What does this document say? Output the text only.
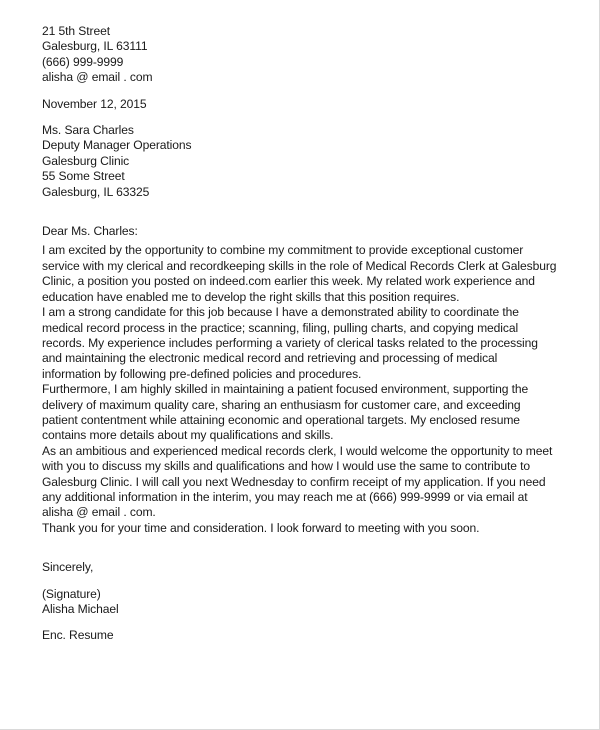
21 5th Street
Galesburg, IL 63111
(666) 999-9999
alisha @ email . com
November 12, 2015
Ms. Sara Charles
Deputy Manager Operations
Galesburg Clinic
55 Some Street
Galesburg, IL 63325
Dear Ms. Charles:
I am excited by the opportunity to combine my commitment to provide exceptional customer
service with my clerical and recordkeeping skills in the role of Medical Records Clerk at Galesburg
Clinic, a position you posted on indeed.com earlier this week. My related work experience and
education have enabled me to develop the right skills that this position requires.
I am a strong candidate for this job because I have a demonstrated ability to coordinate the
medical record process in the practice; scanning, filing, pulling charts, and copying medical
records. My experience includes performing a variety of clerical tasks related to the processing
and maintaining the electronic medical record and retrieving and processing of medical
information by following pre-defined policies and procedures.
Furthermore, I am highly skilled in maintaining a patient focused environment, supporting the
delivery of maximum quality care, sharing an enthusiasm for customer care, and exceeding
patient contentment while attaining economic and operational targets. My enclosed resume
contains more details about my qualifications and skills.
As an ambitious and experienced medical records clerk, I would welcome the opportunity to meet
with you to discuss my skills and qualifications and how I would use the same to contribute to
Galesburg Clinic. I will call you next Wednesday to confirm receipt of my application. If you need
any additional information in the interim, you may reach me at (666) 999-9999 or via email at
alisha @ email . com.
Thank you for your time and consideration. I look forward to meeting with you soon.
Sincerely,
(Signature)
Alisha Michael
Enc. Resume
